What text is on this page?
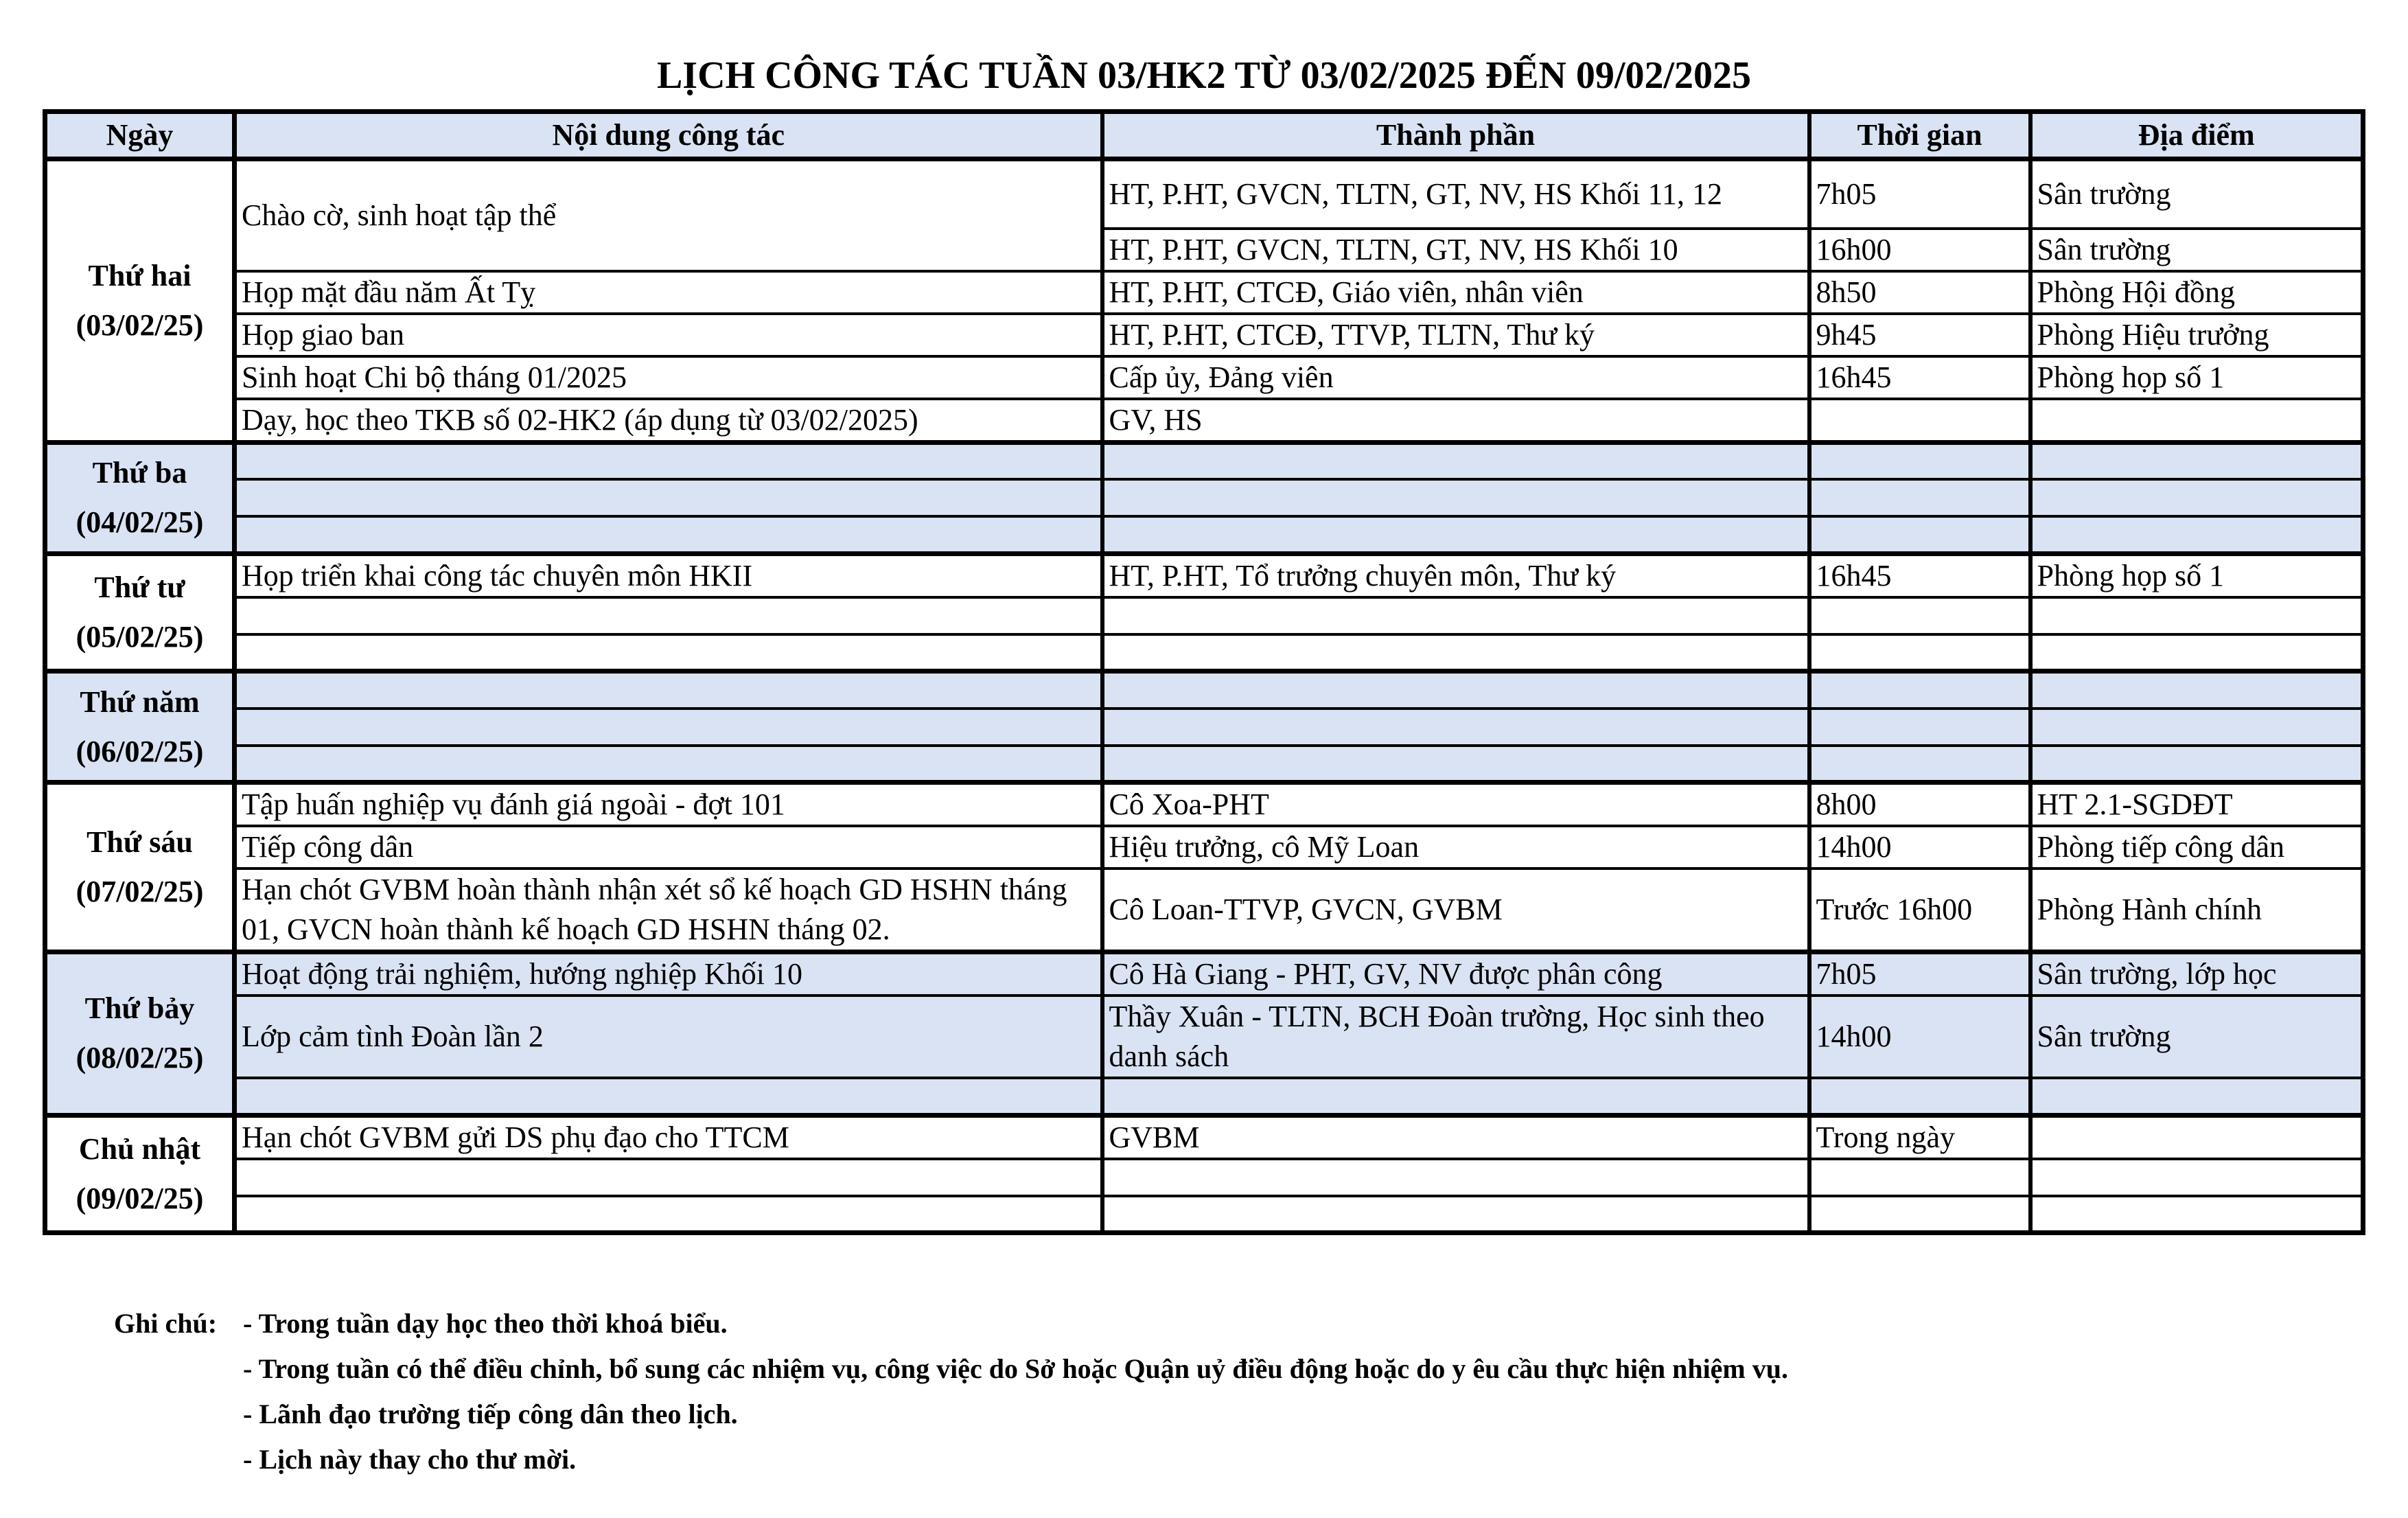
LỊCH CÔNG TÁC TUẦN 03/HK2 TỪ 03/02/2025 ĐẾN 09/02/2025
Ngày	Nội dung công tác	Thành phần	Thời gian	Địa điểm

Thứ hai
(03/02/25)	Chào cờ, sinh hoạt tập thể	HT, P.HT, GVCN, TLTN, GT, NV, HS Khối 11, 12	7h05	Sân trường
		HT, P.HT, GVCN, TLTN, GT, NV, HS Khối 10	16h00	Sân trường
	Họp mặt đầu năm Ất Tỵ	HT, P.HT, CTCĐ, Giáo viên, nhân viên	8h50	Phòng Hội đồng
	Họp giao ban	HT, P.HT, CTCĐ, TTVP, TLTN, Thư ký	9h45	Phòng Hiệu trưởng
	Sinh hoạt Chi bộ tháng 01/2025	Cấp ủy, Đảng viên	16h45	Phòng họp số 1
	Dạy, học theo TKB số 02-HK2 (áp dụng từ 03/02/2025)	GV, HS		

Thứ ba
(04/02/25)				

Thứ tư
(05/02/25)	Họp triển khai công tác chuyên môn HKII	HT, P.HT, Tổ trưởng chuyên môn, Thư ký	16h45	Phòng họp số 1

Thứ năm
(06/02/25)				

Thứ sáu
(07/02/25)	Tập huấn nghiệp vụ đánh giá ngoài - đợt 101	Cô Xoa-PHT	8h00	HT 2.1-SGDĐT
	Tiếp công dân	Hiệu trưởng, cô Mỹ Loan	14h00	Phòng tiếp công dân
	Hạn chót GVBM hoàn thành nhận xét sổ kế hoạch GD HSHN tháng 01, GVCN hoàn thành kế hoạch GD HSHN tháng 02.	Cô Loan-TTVP, GVCN, GVBM	Trước 16h00	Phòng Hành chính

Thứ bảy
(08/02/25)	Hoạt động trải nghiệm, hướng nghiệp Khối 10	Cô Hà Giang - PHT, GV, NV được phân công	7h05	Sân trường, lớp học
	Lớp cảm tình Đoàn lần 2	Thầy Xuân - TLTN, BCH Đoàn trường, Học sinh theo danh sách	14h00	Sân trường

Chủ nhật
(09/02/25)	Hạn chót GVBM gửi DS phụ đạo cho TTCM	GVBM	Trong ngày	

Ghi chú: - Trong tuần dạy học theo thời khoá biểu.
- Trong tuần có thể điều chỉnh, bổ sung các nhiệm vụ, công việc do Sở hoặc Quận uỷ điều động hoặc do y êu cầu thực hiện nhiệm vụ.
- Lãnh đạo trường tiếp công dân theo lịch.
- Lịch này thay cho thư mời.
